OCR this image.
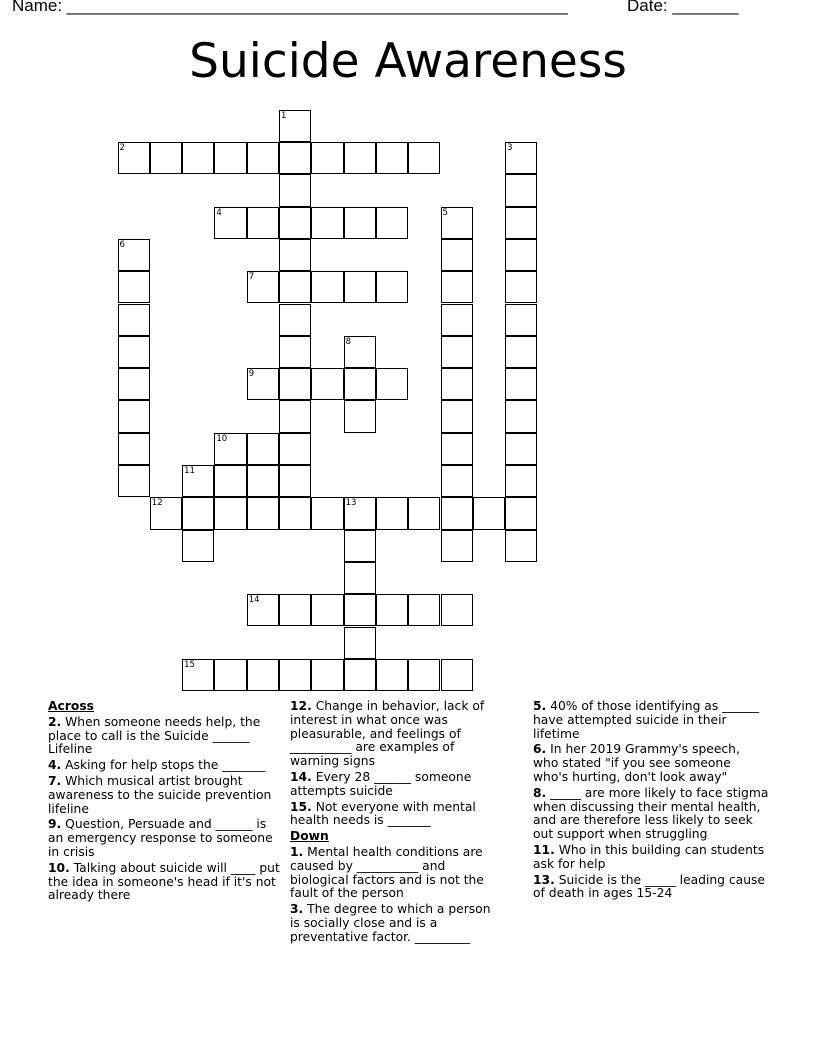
Name: _____________________________________________________	Date: _______
Suicide Awareness
2
4
7
9
10
11
12	13
14
15
1
3
5
6
8
Across
2. When someone needs help, the place to call is the Suicide ______ Lifeline
4. Asking for help stops the _______
7. Which musical artist brought awareness to the suicide prevention lifeline
9. Question, Persuade and ______ is an emergency response to someone in crisis
10. Talking about suicide will ____ put the idea in someone's head if it's not already there
12. Change in behavior, lack of interest in what once was pleasurable, and feelings of __________ are examples of warning signs
14. Every 28 ______ someone attempts suicide
15. Not everyone with mental health needs is _______
Down
1. Mental health conditions are caused by __________ and biological factors and is not the fault of the person
3. The degree to which a person is socially close and is a preventative factor. _________
5. 40% of those identifying as ______ have attempted suicide in their lifetime
6. In her 2019 Grammy's speech, who stated "if you see someone who's hurting, don't look away"
8. _____ are more likely to face stigma when discussing their mental health, and are therefore less likely to seek out support when struggling
11. Who in this building can students ask for help
13. Suicide is the _____ leading cause of death in ages 15-24
